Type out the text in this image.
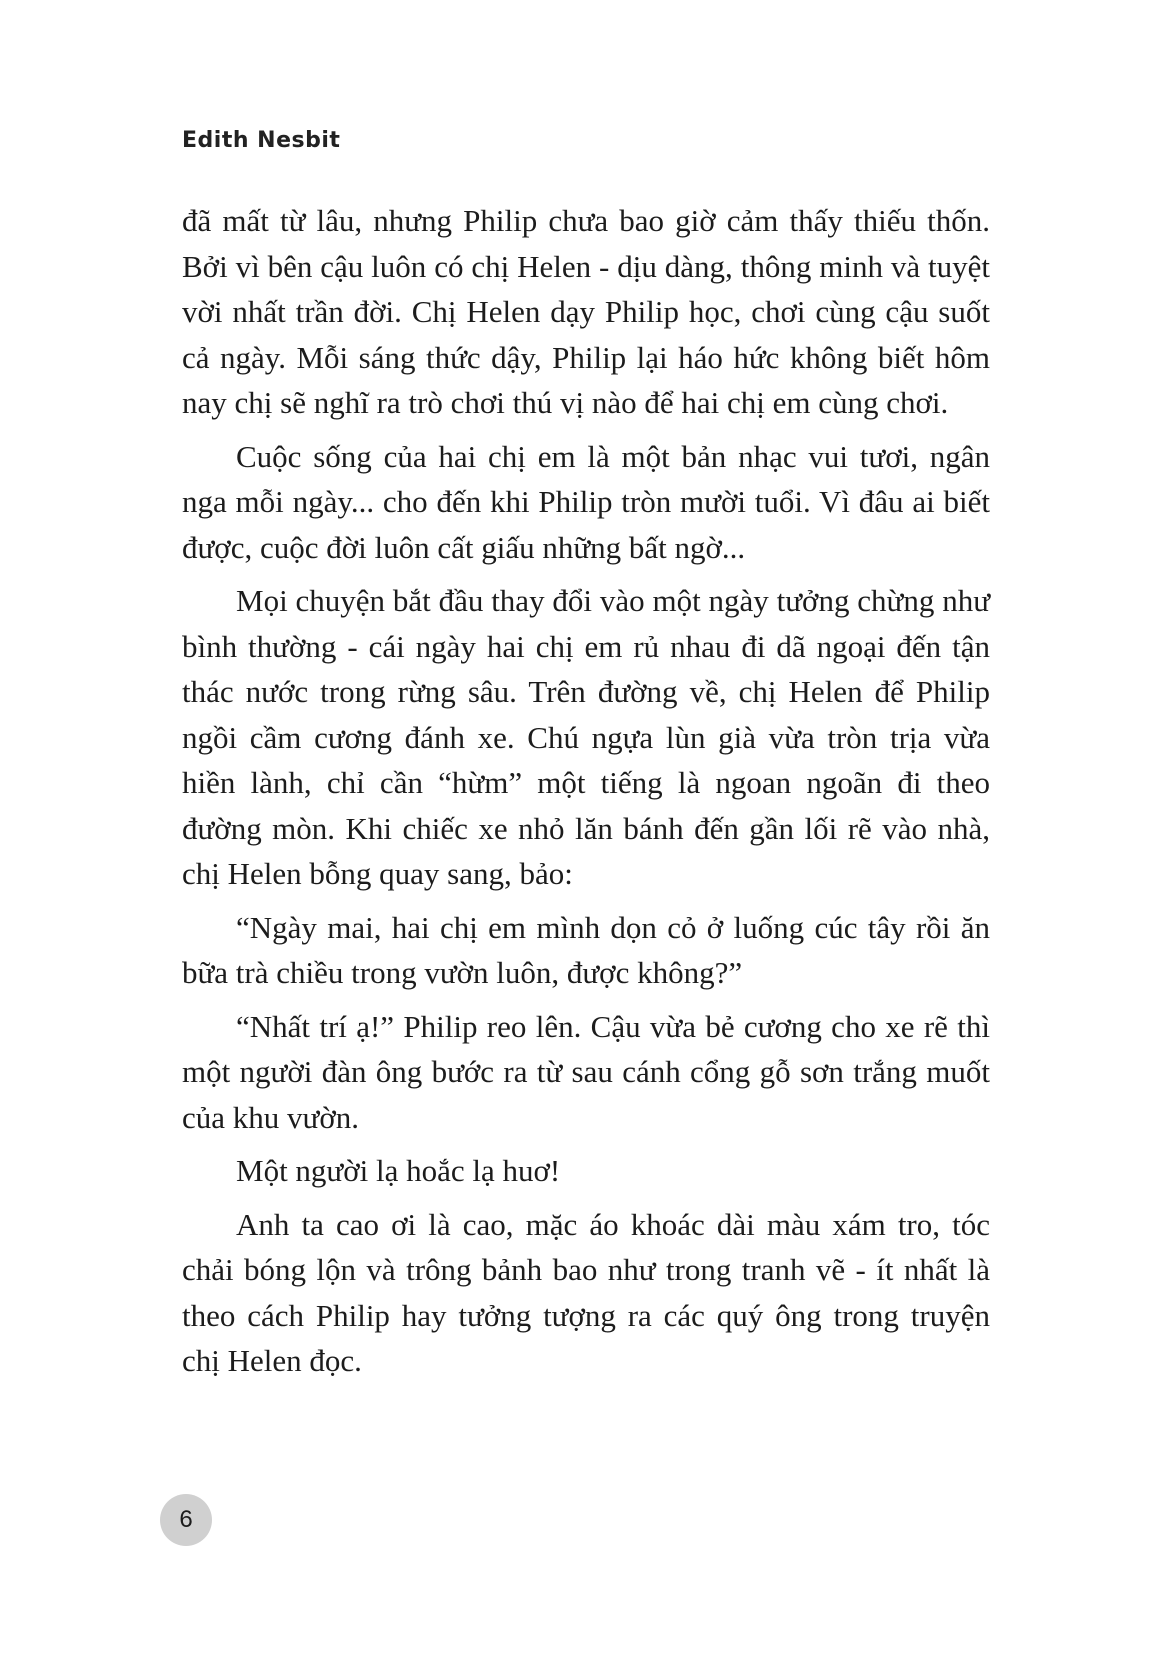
Edith Nesbit

đã mất từ lâu, nhưng Philip chưa bao giờ cảm thấy thiếu thốn. Bởi vì bên cậu luôn có chị Helen - dịu dàng, thông minh và tuyệt vời nhất trần đời. Chị Helen dạy Philip học, chơi cùng cậu suốt cả ngày. Mỗi sáng thức dậy, Philip lại háo hức không biết hôm nay chị sẽ nghĩ ra trò chơi thú vị nào để hai chị em cùng chơi.

Cuộc sống của hai chị em là một bản nhạc vui tươi, ngân nga mỗi ngày... cho đến khi Philip tròn mười tuổi. Vì đâu ai biết được, cuộc đời luôn cất giấu những bất ngờ...

Mọi chuyện bắt đầu thay đổi vào một ngày tưởng chừng như bình thường - cái ngày hai chị em rủ nhau đi dã ngoại đến tận thác nước trong rừng sâu. Trên đường về, chị Helen để Philip ngồi cầm cương đánh xe. Chú ngựa lùn già vừa tròn trịa vừa hiền lành, chỉ cần “hừm” một tiếng là ngoan ngoãn đi theo đường mòn. Khi chiếc xe nhỏ lăn bánh đến gần lối rẽ vào nhà, chị Helen bỗng quay sang, bảo:

“Ngày mai, hai chị em mình dọn cỏ ở luống cúc tây rồi ăn bữa trà chiều trong vườn luôn, được không?”

“Nhất trí ạ!” Philip reo lên. Cậu vừa bẻ cương cho xe rẽ thì một người đàn ông bước ra từ sau cánh cổng gỗ sơn trắng muốt của khu vườn.

Một người lạ hoắc lạ huơ!

Anh ta cao ơi là cao, mặc áo khoác dài màu xám tro, tóc chải bóng lộn và trông bảnh bao như trong tranh vẽ - ít nhất là theo cách Philip hay tưởng tượng ra các quý ông trong truyện chị Helen đọc.

6
